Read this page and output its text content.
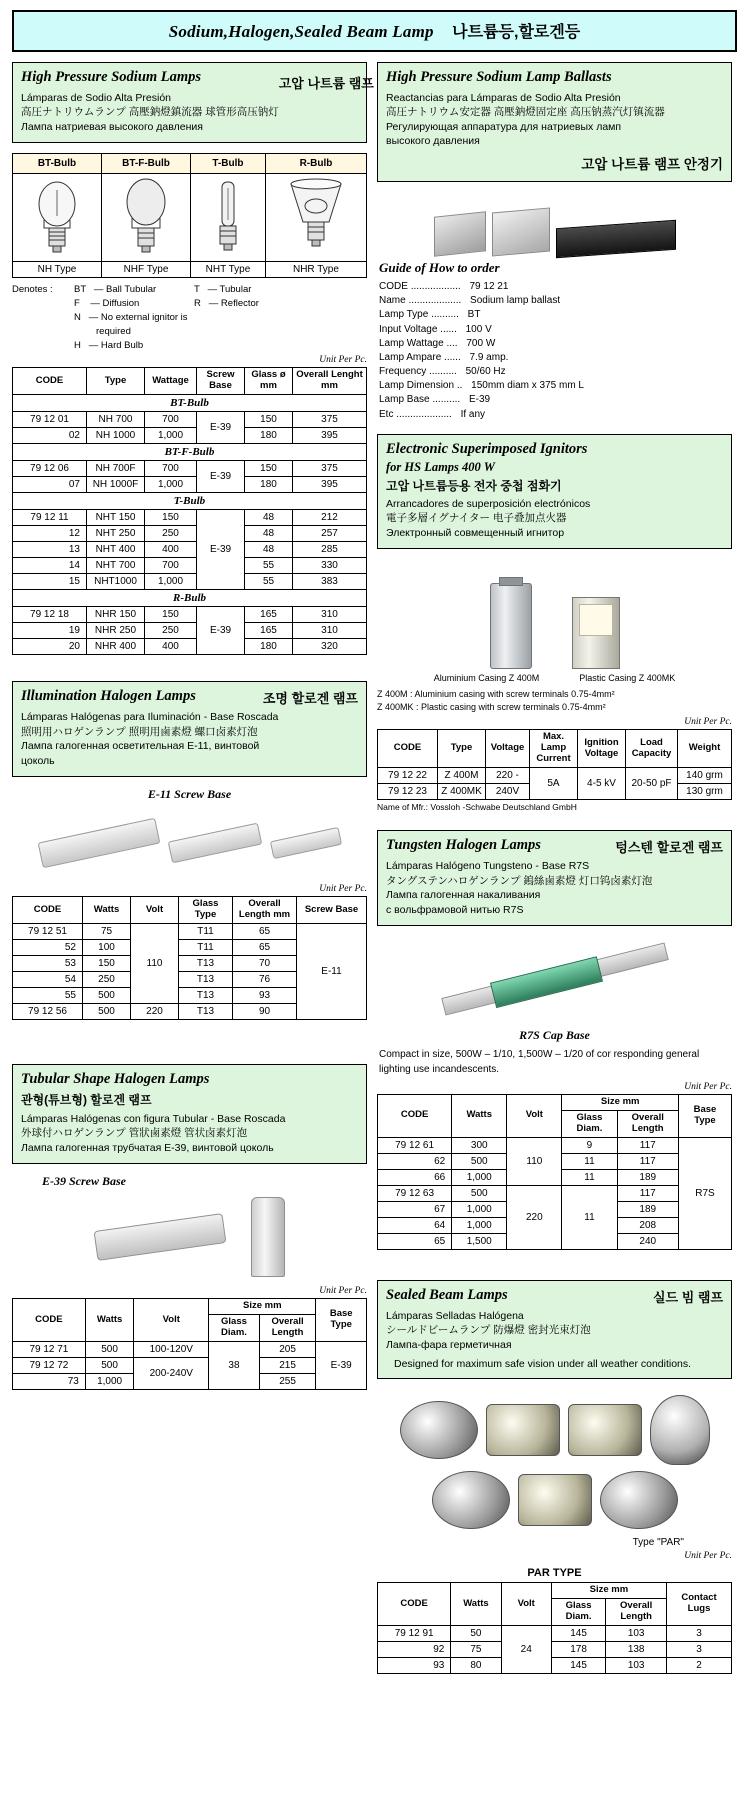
Sodium,Halogen,Sealed Beam Lamp 나트륨등,할로겐등
High Pressure Sodium Lamps
Lámparas de Sodio Alta Presión
高圧ナトリウムランプ 高壓鈉燈鎮流器 球管形高压钠灯
Лампа натриевая высокого давления
고압 나트륨 램프
BT-Bulb	BT-F-Bulb	T-Bulb	R-Bulb

NH Type	NHF Type	NHT Type	NHR Type
Denotes :	BT — Ball Tubular	T — Tubular
F — Diffusion	R — Reflector
N — No external ignitor is
required
H — Hard Bulb
Unit Per Pc.
CODE	Type	Wattage	Screw Base	Glass ø mm	Overall Lenght mm
BT-Bulb					
79 12 01	NH 700	700	E-39	150	375
02	NH 1000	1,000		180	395
BT-F-Bulb					
79 12 06	NH 700F	700	E-39	150	375
07	NH 1000F	1,000		180	395
T-Bulb					
79 12 11	NHT 150	150	E-39	48	212
12	NHT 250	250		48	257
13	NHT 400	400		48	285
14	NHT 700	700		55	330
15	NHT1000	1,000		55	383
R-Bulb					
79 12 18	NHR 150	150	E-39	165	310
19	NHR 250	250		165	310
20	NHR 400	400		180	320
Illumination Halogen Lamps	조명 할로겐 램프
Lámparas Halógenas para Iluminación - Base Roscada
照明用ハロゲンランプ 照明用鹵素燈 螺口卤素灯泡
Лампа галогенная осветительная Е-11, винтовой
цоколь
E-11 Screw Base
Unit Per Pc.
CODE	Watts	Volt	Glass Type	Overall Length mm	Screw Base
79 12 51	75	110	T11	65	E-11
52	100		T11	65	
53	150		T13	70	
54	250		T13	76	
55	500		T13	93	
79 12 56	500	220	T13	90	
Tubular Shape Halogen Lamps
관형(튜브형) 할로겐 램프
Lámparas Halógenas con figura Tubular - Base Roscada
外球付ハロゲンランプ 管狀鹵素燈 管状卤素灯泡
Лампа галогенная трубчатая Е-39, винтовой цоколь
E-39 Screw Base
Unit Per Pc.
CODE	Watts	Volt	Size mm		Base Type
			Glass Diam.	Overall Length	
79 12 71	500	100-120V	38	205	E-39
79 12 72	500	200-240V		215	
73	1,000			255	
High Pressure Sodium Lamp Ballasts
Reactancias para Lámparas de Sodio Alta Presión
高圧ナトリウム安定器 高壓鈉燈固定座 高压钠蒸汽灯镇流器
Регулирующая аппаратура для натриевых ламп
высокого давления
고압 나트륨 램프 안정기
Guide of How to order
CODE .................. 79 12 21
Name ................... Sodium lamp ballast
Lamp Type .......... BT
Input Voltage ...... 100 V
Lamp Wattage .... 700 W
Lamp Ampare ...... 7.9 amp.
Frequency .......... 50/60 Hz
Lamp Dimension .. 150mm diam x 375 mm L
Lamp Base .......... E-39
Etc .................... If any
Electronic Superimposed Ignitors
for HS Lamps 400 W
고압 나트륨등용 전자 중첩 점화기
Arrancadores de superposición electrónicos
電子多層イグナイター 电子叠加点火器
Электронный совмещенный игнитор
Aluminium Casing Z 400M	Plastic Casing Z 400MK
Z 400M : Aluminium casing with screw terminals 0.75-4mm²
Z 400MK : Plastic casing with screw terminals 0.75-4mm²
Unit Per Pc.
CODE	Type	Voltage	Max. Lamp Current	Ignition Voltage	Load Capacity	Weight
79 12 22	Z 400M	220 -	5A	4-5 kV	20-50 pF	140 grm
79 12 23	Z 400MK	240V				130 grm
Name of Mfr.: Vossloh -Schwabe Deutschland GmbH
Tungsten Halogen Lamps	텅스텐 할로겐 램프
Lámparas Halógeno Tungsteno - Base R7S
タングステンハロゲンランプ 鎢絲鹵素燈 灯口钨卤素灯泡
Лампа галогенная накаливания
с вольфрамовой нитью R7S
R7S Cap Base
Compact in size, 500W – 1/10, 1,500W – 1/20 of cor responding general lighting use incandescents.
Unit Per Pc.
CODE	Watts	Volt	Size mm		Base Type
			Glass Diam.	Overall Length	
79 12 61	300	110	9	117	R7S
62	500		11	117	
66	1,000		11	189	
79 12 63	500	220	11	117	
67	1,000			189	
64	1,000			208	
65	1,500			240	
Sealed Beam Lamps	실드 빔 램프
Lámparas Selladas Halógena
シールドビームランプ 防爆燈 密封光束灯泡
Лампа-фара герметичная
Designed for maximum safe vision under all weather conditions.
Type "PAR"
Unit Per Pc.
PAR TYPE
CODE	Watts	Volt	Size mm		Contact Lugs
			Glass Diam.	Overall Length	
79 12 91	50	24	145	103	3
92	75		178	138	3
93	80		145	103	2
